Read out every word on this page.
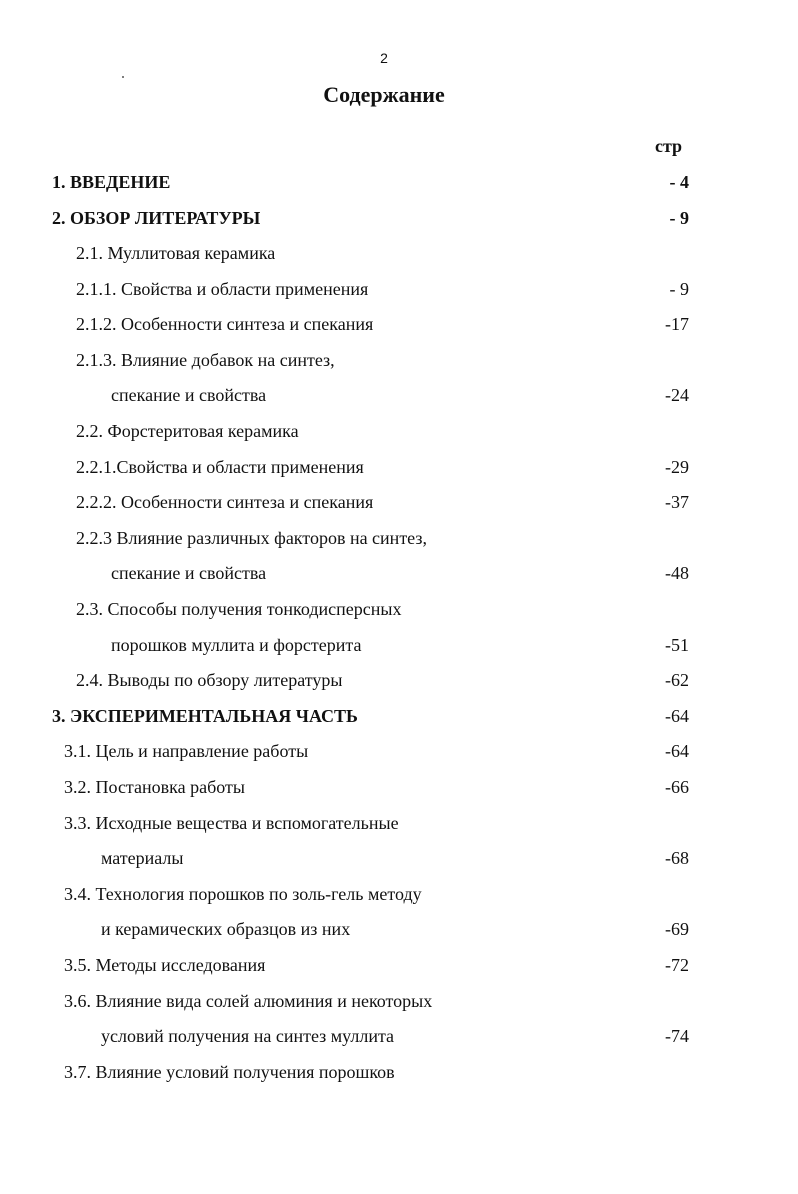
2
Содержание
стр
1. ВВЕДЕНИЕ	- 4
2. ОБЗОР ЛИТЕРАТУРЫ	- 9
2.1. Муллитовая керамика
2.1.1. Свойства и области применения	- 9
2.1.2. Особенности синтеза и спекания	-17
2.1.3. Влияние добавок на синтез,
спекание и свойства	-24
2.2. Форстеритовая керамика
2.2.1.Свойства и области применения	-29
2.2.2. Особенности синтеза и спекания	-37
2.2.3 Влияние различных факторов на синтез,
спекание и свойства	-48
2.3. Способы получения тонкодисперсных
порошков муллита и форстерита	-51
2.4. Выводы по обзору литературы	-62
3. ЭКСПЕРИМЕНТАЛЬНАЯ ЧАСТЬ	-64
3.1. Цель и направление работы	-64
3.2. Постановка работы	-66
3.3. Исходные вещества и вспомогательные
материалы	-68
3.4. Технология порошков по золь-гель методу
и керамических образцов из них	-69
3.5. Методы исследования	-72
3.6. Влияние вида солей алюминия и некоторых
условий получения на синтез муллита	-74
3.7. Влияние условий получения порошков
